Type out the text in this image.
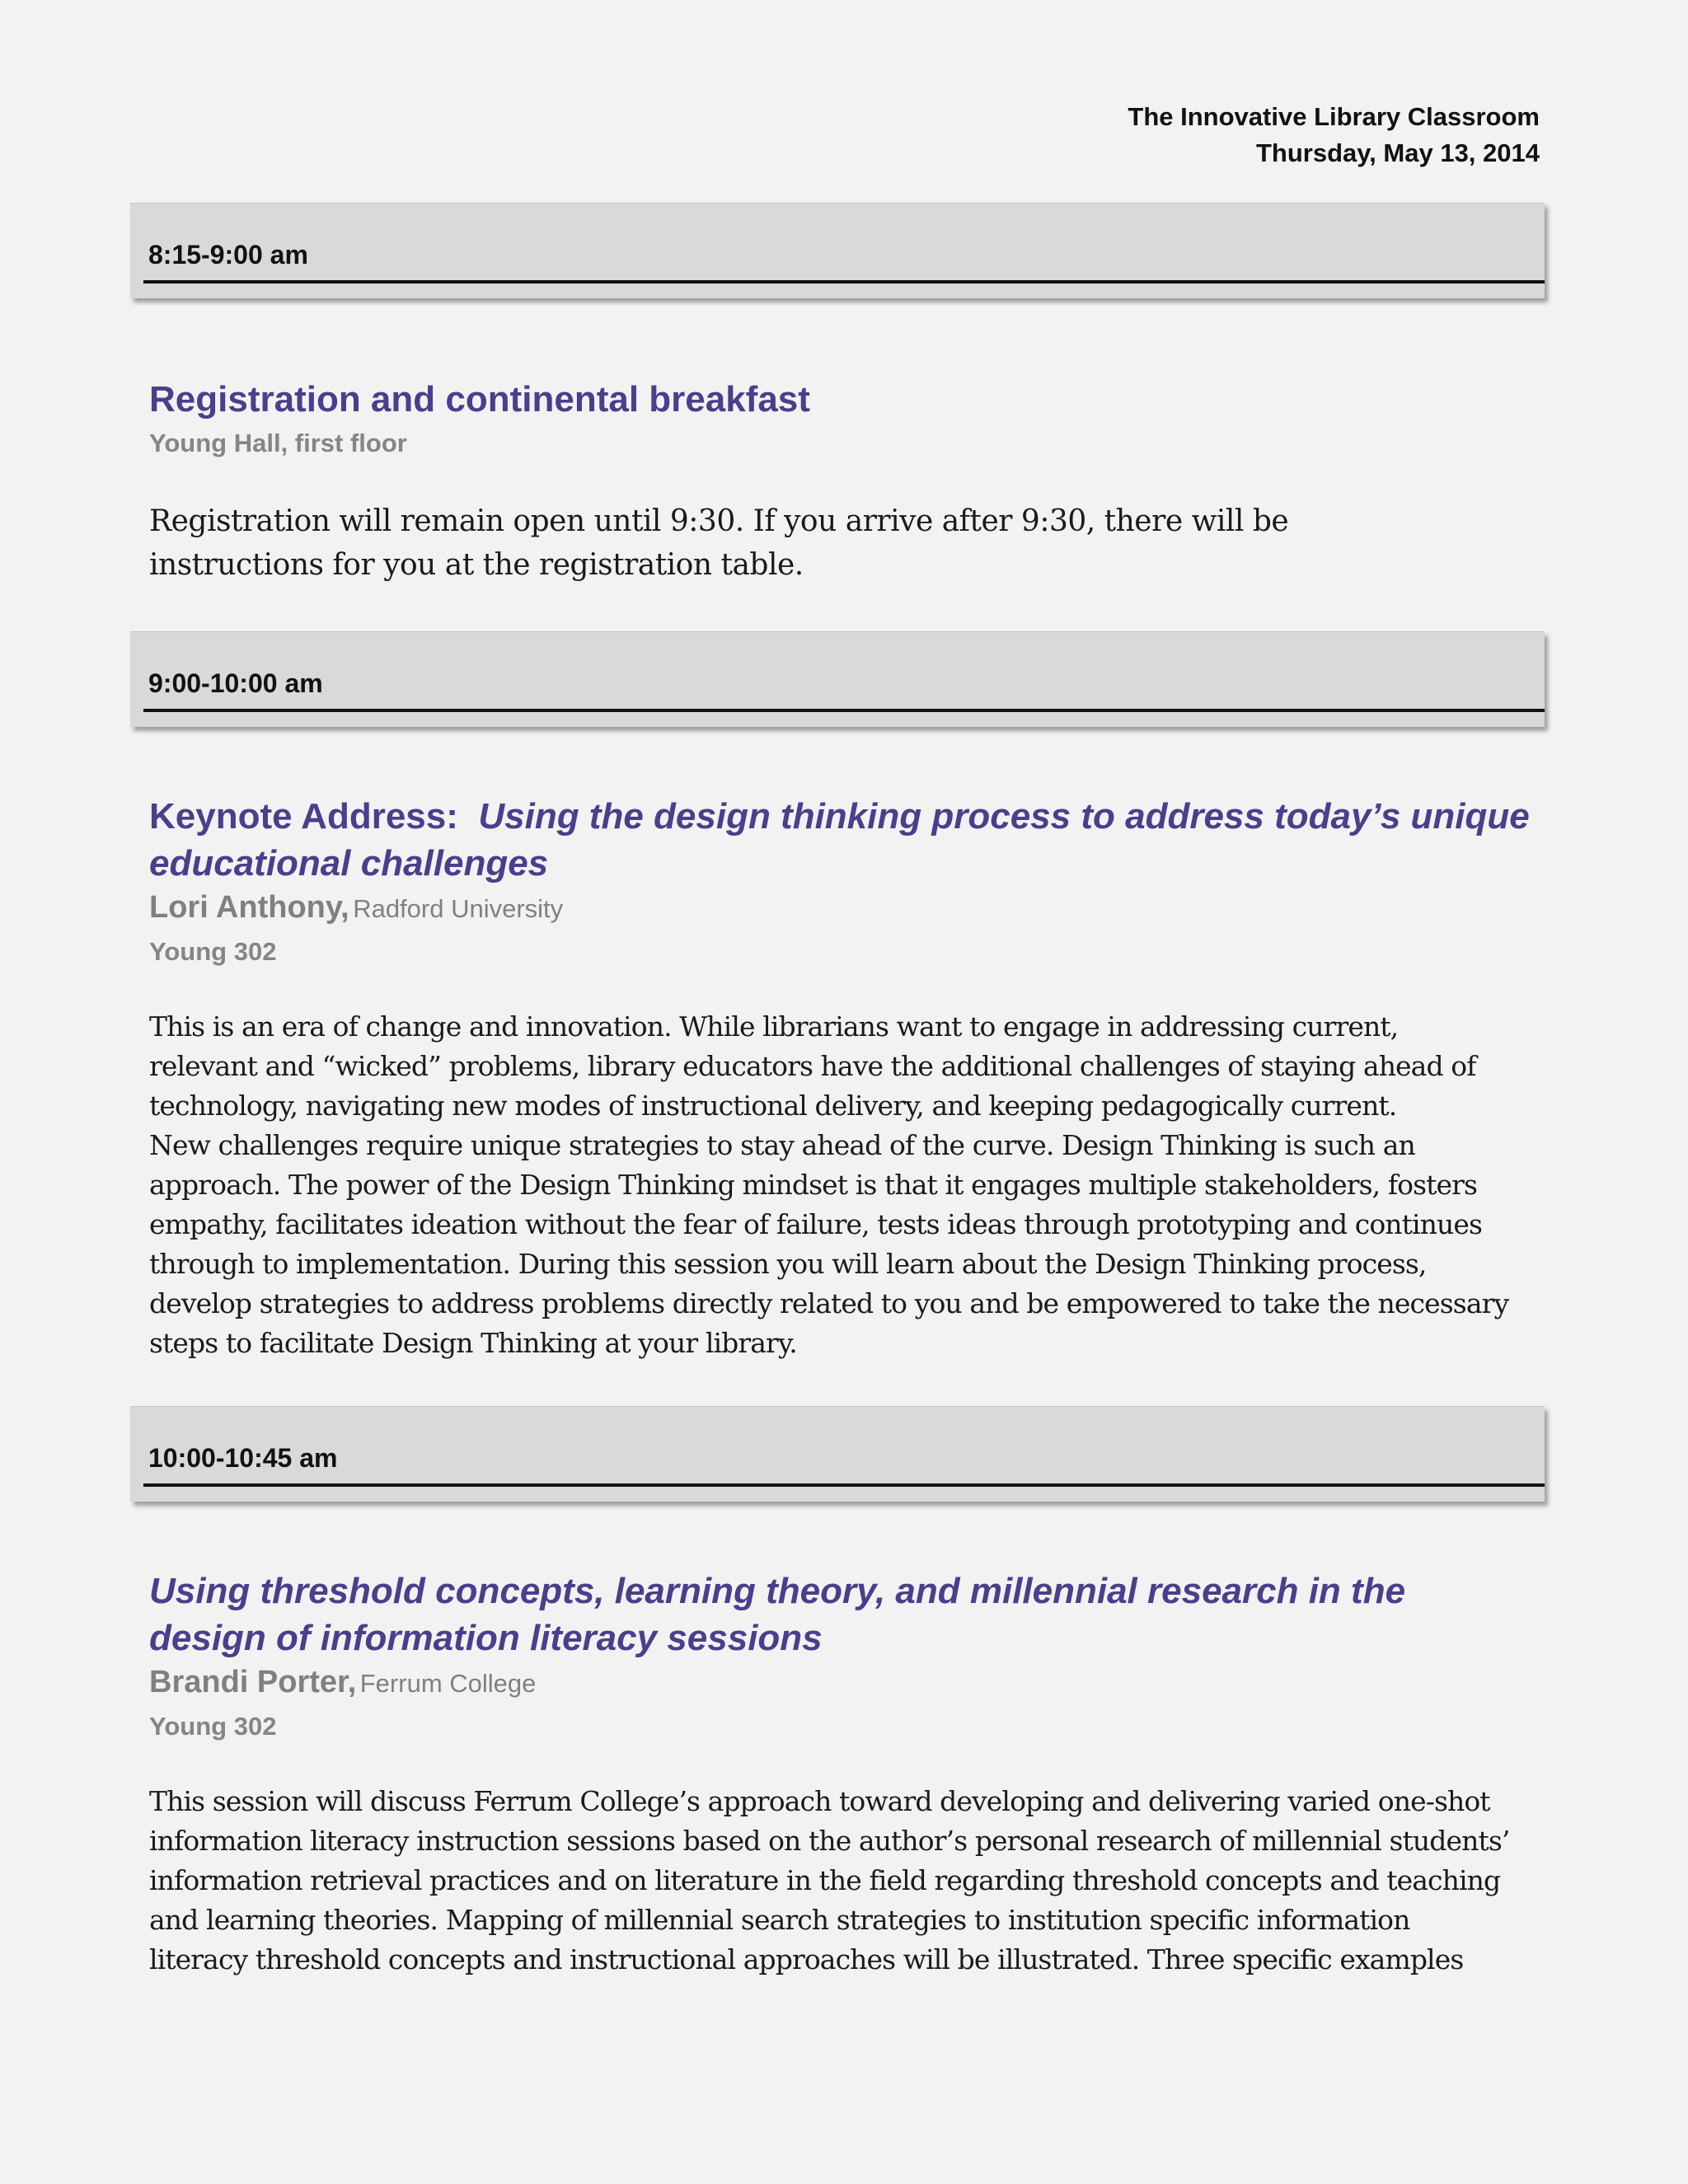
The Innovative Library Classroom
Thursday, May 13, 2014
8:15-9:00 am
Registration and continental breakfast
Young Hall, first floor

Registration will remain open until 9:30. If you arrive after 9:30, there will be
instructions for you at the registration table.

9:00-10:00 am
Keynote Address: Using the design thinking process to address today’s unique
educational challenges
Lori Anthony, Radford University
Young 302

This is an era of change and innovation. While librarians want to engage in addressing current,
relevant and “wicked” problems, library educators have the additional challenges of staying ahead of
technology, navigating new modes of instructional delivery, and keeping pedagogically current.
New challenges require unique strategies to stay ahead of the curve. Design Thinking is such an
approach. The power of the Design Thinking mindset is that it engages multiple stakeholders, fosters
empathy, facilitates ideation without the fear of failure, tests ideas through prototyping and continues
through to implementation. During this session you will learn about the Design Thinking process,
develop strategies to address problems directly related to you and be empowered to take the necessary
steps to facilitate Design Thinking at your library.

10:00-10:45 am
Using threshold concepts, learning theory, and millennial research in the
design of information literacy sessions
Brandi Porter, Ferrum College
Young 302

This session will discuss Ferrum College’s approach toward developing and delivering varied one-shot
information literacy instruction sessions based on the author’s personal research of millennial students’
information retrieval practices and on literature in the field regarding threshold concepts and teaching
and learning theories. Mapping of millennial search strategies to institution specific information
literacy threshold concepts and instructional approaches will be illustrated. Three specific examples
